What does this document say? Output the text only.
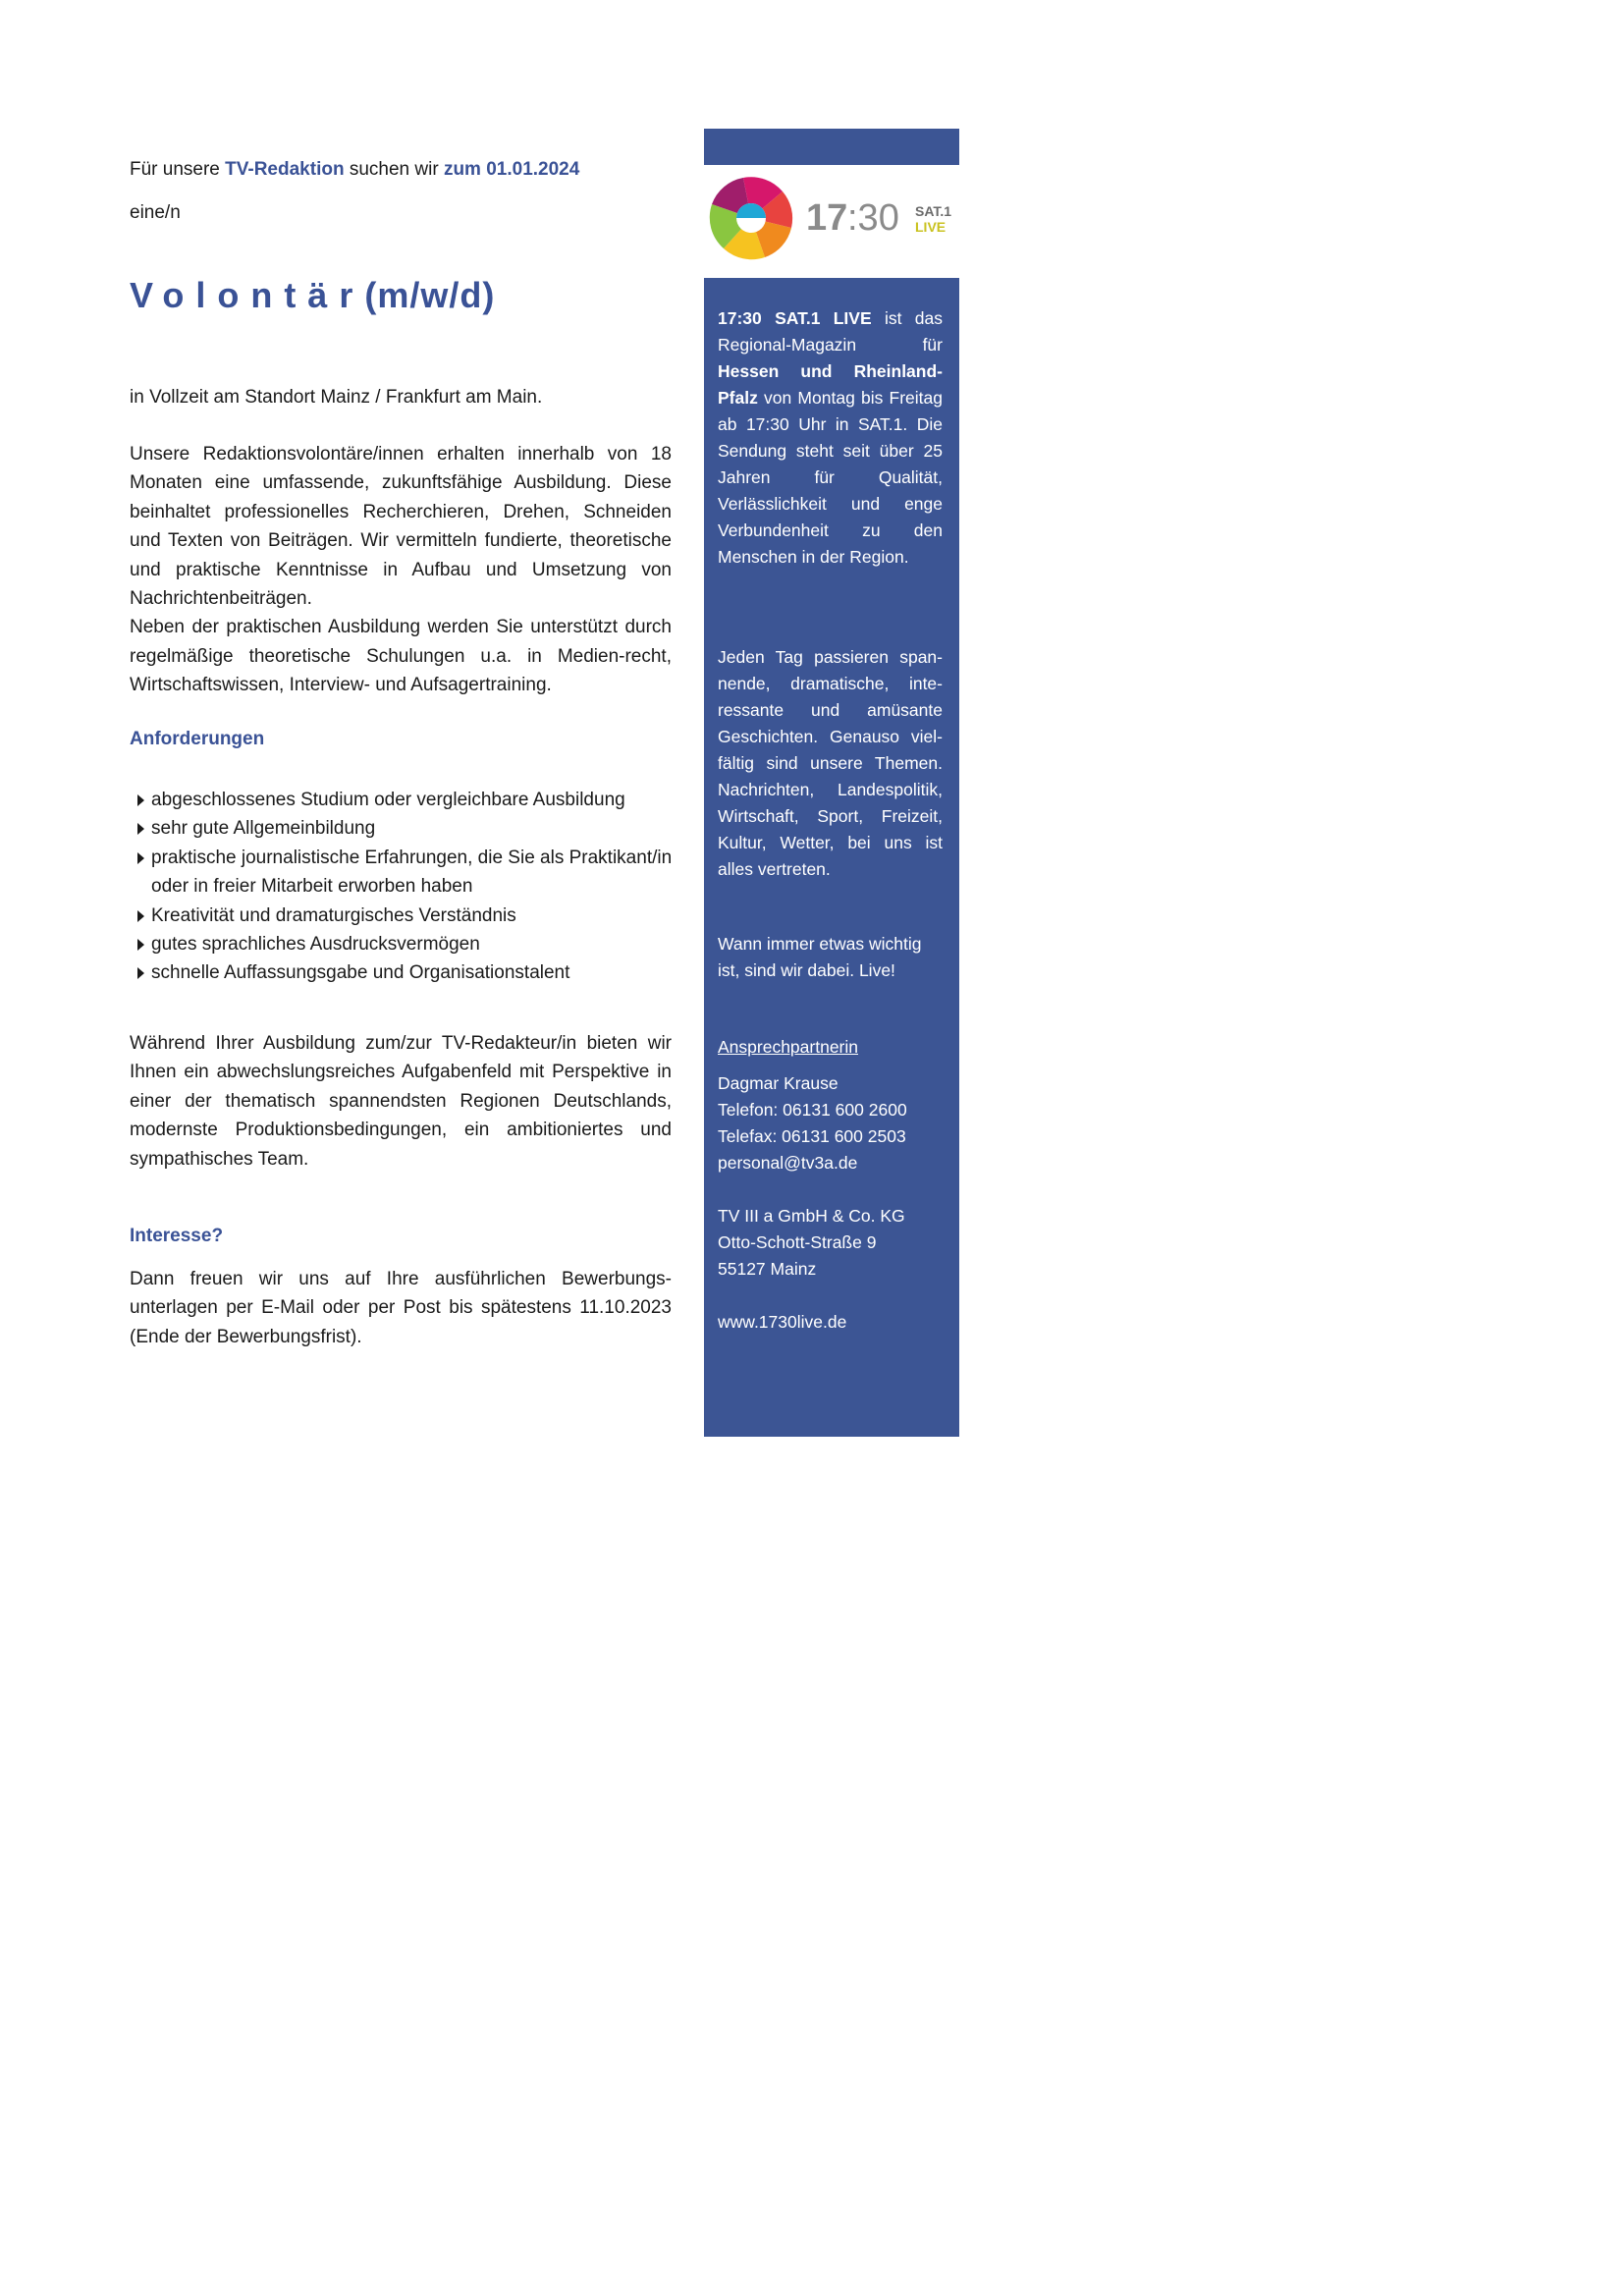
Für unsere TV-Redaktion suchen wir zum 01.01.2024

eine/n

Volontär(m/w/d)

in Vollzeit am Standort Mainz / Frankfurt am Main.

Unsere Redaktionsvolontäre/innen erhalten innerhalb von 18 Monaten eine umfassende, zukunftsfähige Ausbildung. Diese beinhaltet professionelles Recherchieren, Drehen, Schneiden und Texten von Beiträgen. Wir vermitteln fundierte, theoretische und praktische Kenntnisse in Aufbau und Umsetzung von Nachrichtenbeiträgen.

Neben der praktischen Ausbildung werden Sie unterstützt durch regelmäßige theoretische Schulungen u.a. in Medien-recht, Wirtschaftswissen, Interview- und Aufsagertraining.

Anforderungen
abgeschlossenes Studium oder vergleichbare Ausbildung
sehr gute Allgemeinbildung
praktische journalistische Erfahrungen, die Sie als Praktikant/in oder in freier Mitarbeit erworben haben
Kreativität und dramaturgisches Verständnis
gutes sprachliches Ausdrucksvermögen
schnelle Auffassungsgabe und Organisationstalent

Während Ihrer Ausbildung zum/zur TV-Redakteur/in bieten wir Ihnen ein abwechslungsreiches Aufgabenfeld mit Perspektive in einer der thematisch spannendsten Regionen Deutschlands, modernste Produktionsbedingungen, ein ambitioniertes und sympathisches Team.

Interesse?

Dann freuen wir uns auf Ihre ausführlichen Bewerbungs-unterlagen per E-Mail oder per Post bis spätestens 11.10.2023 (Ende der Bewerbungsfrist).

17 :30 SAT.1
LIVE

17:30 SAT.1 LIVE ist das Regional-Magazin für Hessen und Rheinland-Pfalz von Montag bis Freitag ab 17:30 Uhr in SAT.1. Die Sendung steht seit über 25 Jahren für Qualität, Verlässlichkeit und enge Verbundenheit zu den Menschen in der Region.

Jeden Tag passieren span-nende, dramatische, inte-ressante und amüsante Geschichten. Genauso viel-fältig sind unsere Themen. Nachrichten, Landespolitik, Wirtschaft, Sport, Freizeit, Kultur, Wetter, bei uns ist alles vertreten.

Wann immer etwas wichtig ist, sind wir dabei. Live!

Ansprechpartnerin

Dagmar Krause

Telefon: 06131 600 2600

Telefax: 06131 600 2503

personal@tv3a.de

TV III a GmbH & Co. KG

Otto-Schott-Straße 9

55127 Mainz

www.1730live.de
